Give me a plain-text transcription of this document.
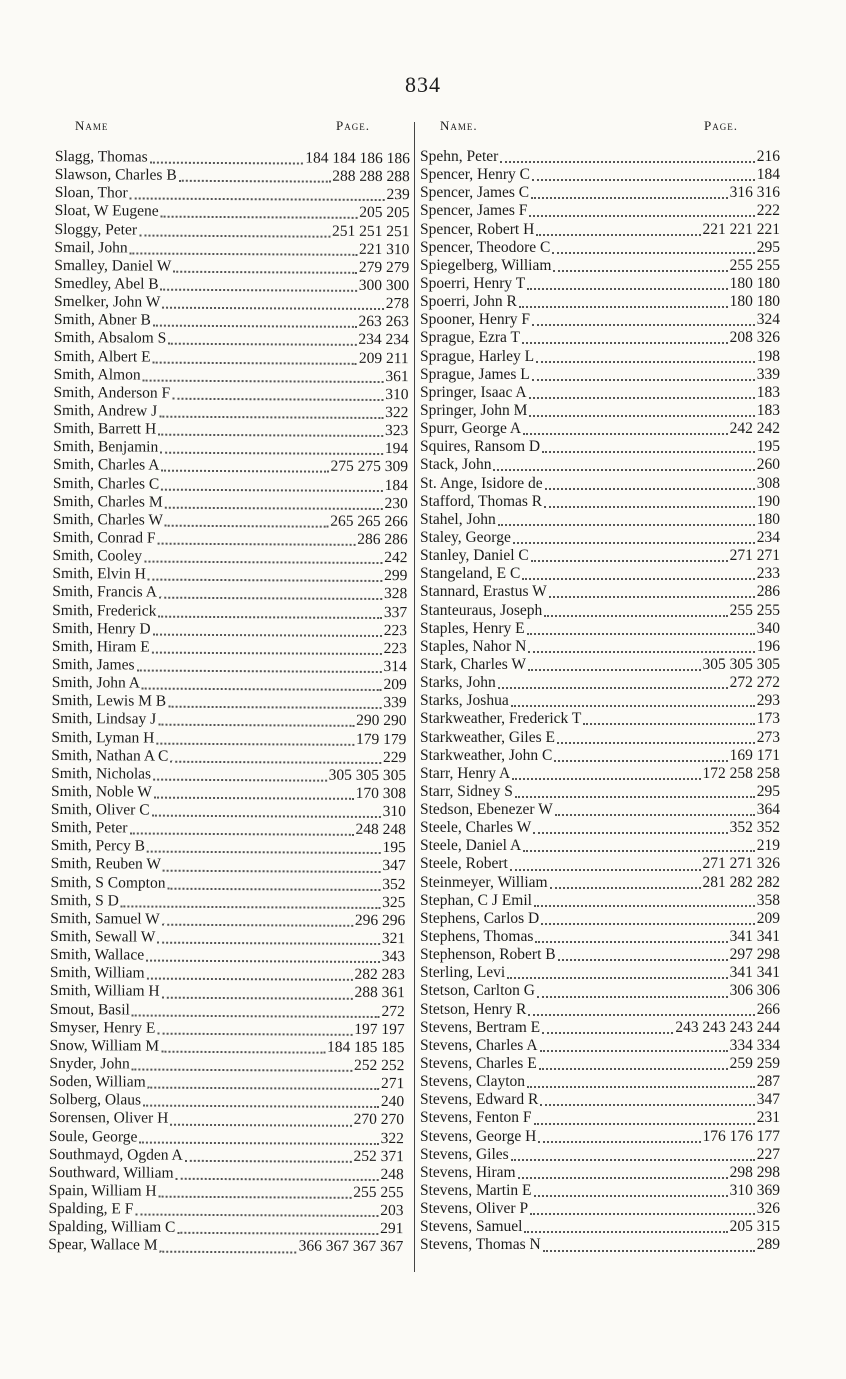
834
Name	Page.	Name.	Page.
Slagg, Thomas	184 184 186 186
Slawson, Charles B	288 288 288
Sloan, Thor	239
Sloat, W Eugene	205 205
Sloggy, Peter	251 251 251
Smail, John	221 310
Smalley, Daniel W	279 279
Smedley, Abel B	300 300
Smelker, John W	278
Smith, Abner B	263 263
Smith, Absalom S	234 234
Smith, Albert E	209 211
Smith, Almon	361
Smith, Anderson F	310
Smith, Andrew J	322
Smith, Barrett H	323
Smith, Benjamin	194
Smith, Charles A	275 275 309
Smith, Charles C	184
Smith, Charles M	230
Smith, Charles W	265 265 266
Smith, Conrad F	286 286
Smith, Cooley	242
Smith, Elvin H	299
Smith, Francis A	328
Smith, Frederick	337
Smith, Henry D	223
Smith, Hiram E	223
Smith, James	314
Smith, John A	209
Smith, Lewis M B	339
Smith, Lindsay J	290 290
Smith, Lyman H	179 179
Smith, Nathan A C	229
Smith, Nicholas	305 305 305
Smith, Noble W	170 308
Smith, Oliver C	310
Smith, Peter	248 248
Smith, Percy B	195
Smith, Reuben W	347
Smith, S Compton	352
Smith, S D	325
Smith, Samuel W	296 296
Smith, Sewall W	321
Smith, Wallace	343
Smith, William	282 283
Smith, William H	288 361
Smout, Basil	272
Smyser, Henry E	197 197
Snow, William M	184 185 185
Snyder, John	252 252
Soden, William	271
Solberg, Olaus	240
Sorensen, Oliver H	270 270
Soule, George	322
Southmayd, Ogden A	252 371
Southward, William	248
Spain, William H	255 255
Spalding, E F	203
Spalding, William C	291
Spear, Wallace M	366 367 367 367
Spehn, Peter	216
Spencer, Henry C	184
Spencer, James C	316 316
Spencer, James F	222
Spencer, Robert H	221 221 221
Spencer, Theodore C	295
Spiegelberg, William	255 255
Spoerri, Henry T	180 180
Spoerri, John R	180 180
Spooner, Henry F	324
Sprague, Ezra T	208 326
Sprague, Harley L	198
Sprague, James L	339
Springer, Isaac A	183
Springer, John M	183
Spurr, George A	242 242
Squires, Ransom D	195
Stack, John	260
St. Ange, Isidore de	308
Stafford, Thomas R	190
Stahel, John	180
Staley, George	234
Stanley, Daniel C	271 271
Stangeland, E C	233
Stannard, Erastus W	286
Stanteuraus, Joseph	255 255
Staples, Henry E	340
Staples, Nahor N	196
Stark, Charles W	305 305 305
Starks, John	272 272
Starks, Joshua	293
Starkweather, Frederick T	173
Starkweather, Giles E	273
Starkweather, John C	169 171
Starr, Henry A	172 258 258
Starr, Sidney S	295
Stedson, Ebenezer W	364
Steele, Charles W	352 352
Steele, Daniel A	219
Steele, Robert	271 271 326
Steinmeyer, William	281 282 282
Stephan, C J Emil	358
Stephens, Carlos D	209
Stephens, Thomas	341 341
Stephenson, Robert B	297 298
Sterling, Levi	341 341
Stetson, Carlton G	306 306
Stetson, Henry R	266
Stevens, Bertram E	243 243 243 244
Stevens, Charles A	334 334
Stevens, Charles E	259 259
Stevens, Clayton	287
Stevens, Edward R	347
Stevens, Fenton F	231
Stevens, George H	176 176 177
Stevens, Giles	227
Stevens, Hiram	298 298
Stevens, Martin E	310 369
Stevens, Oliver P	326
Stevens, Samuel	205 315
Stevens, Thomas N	289
